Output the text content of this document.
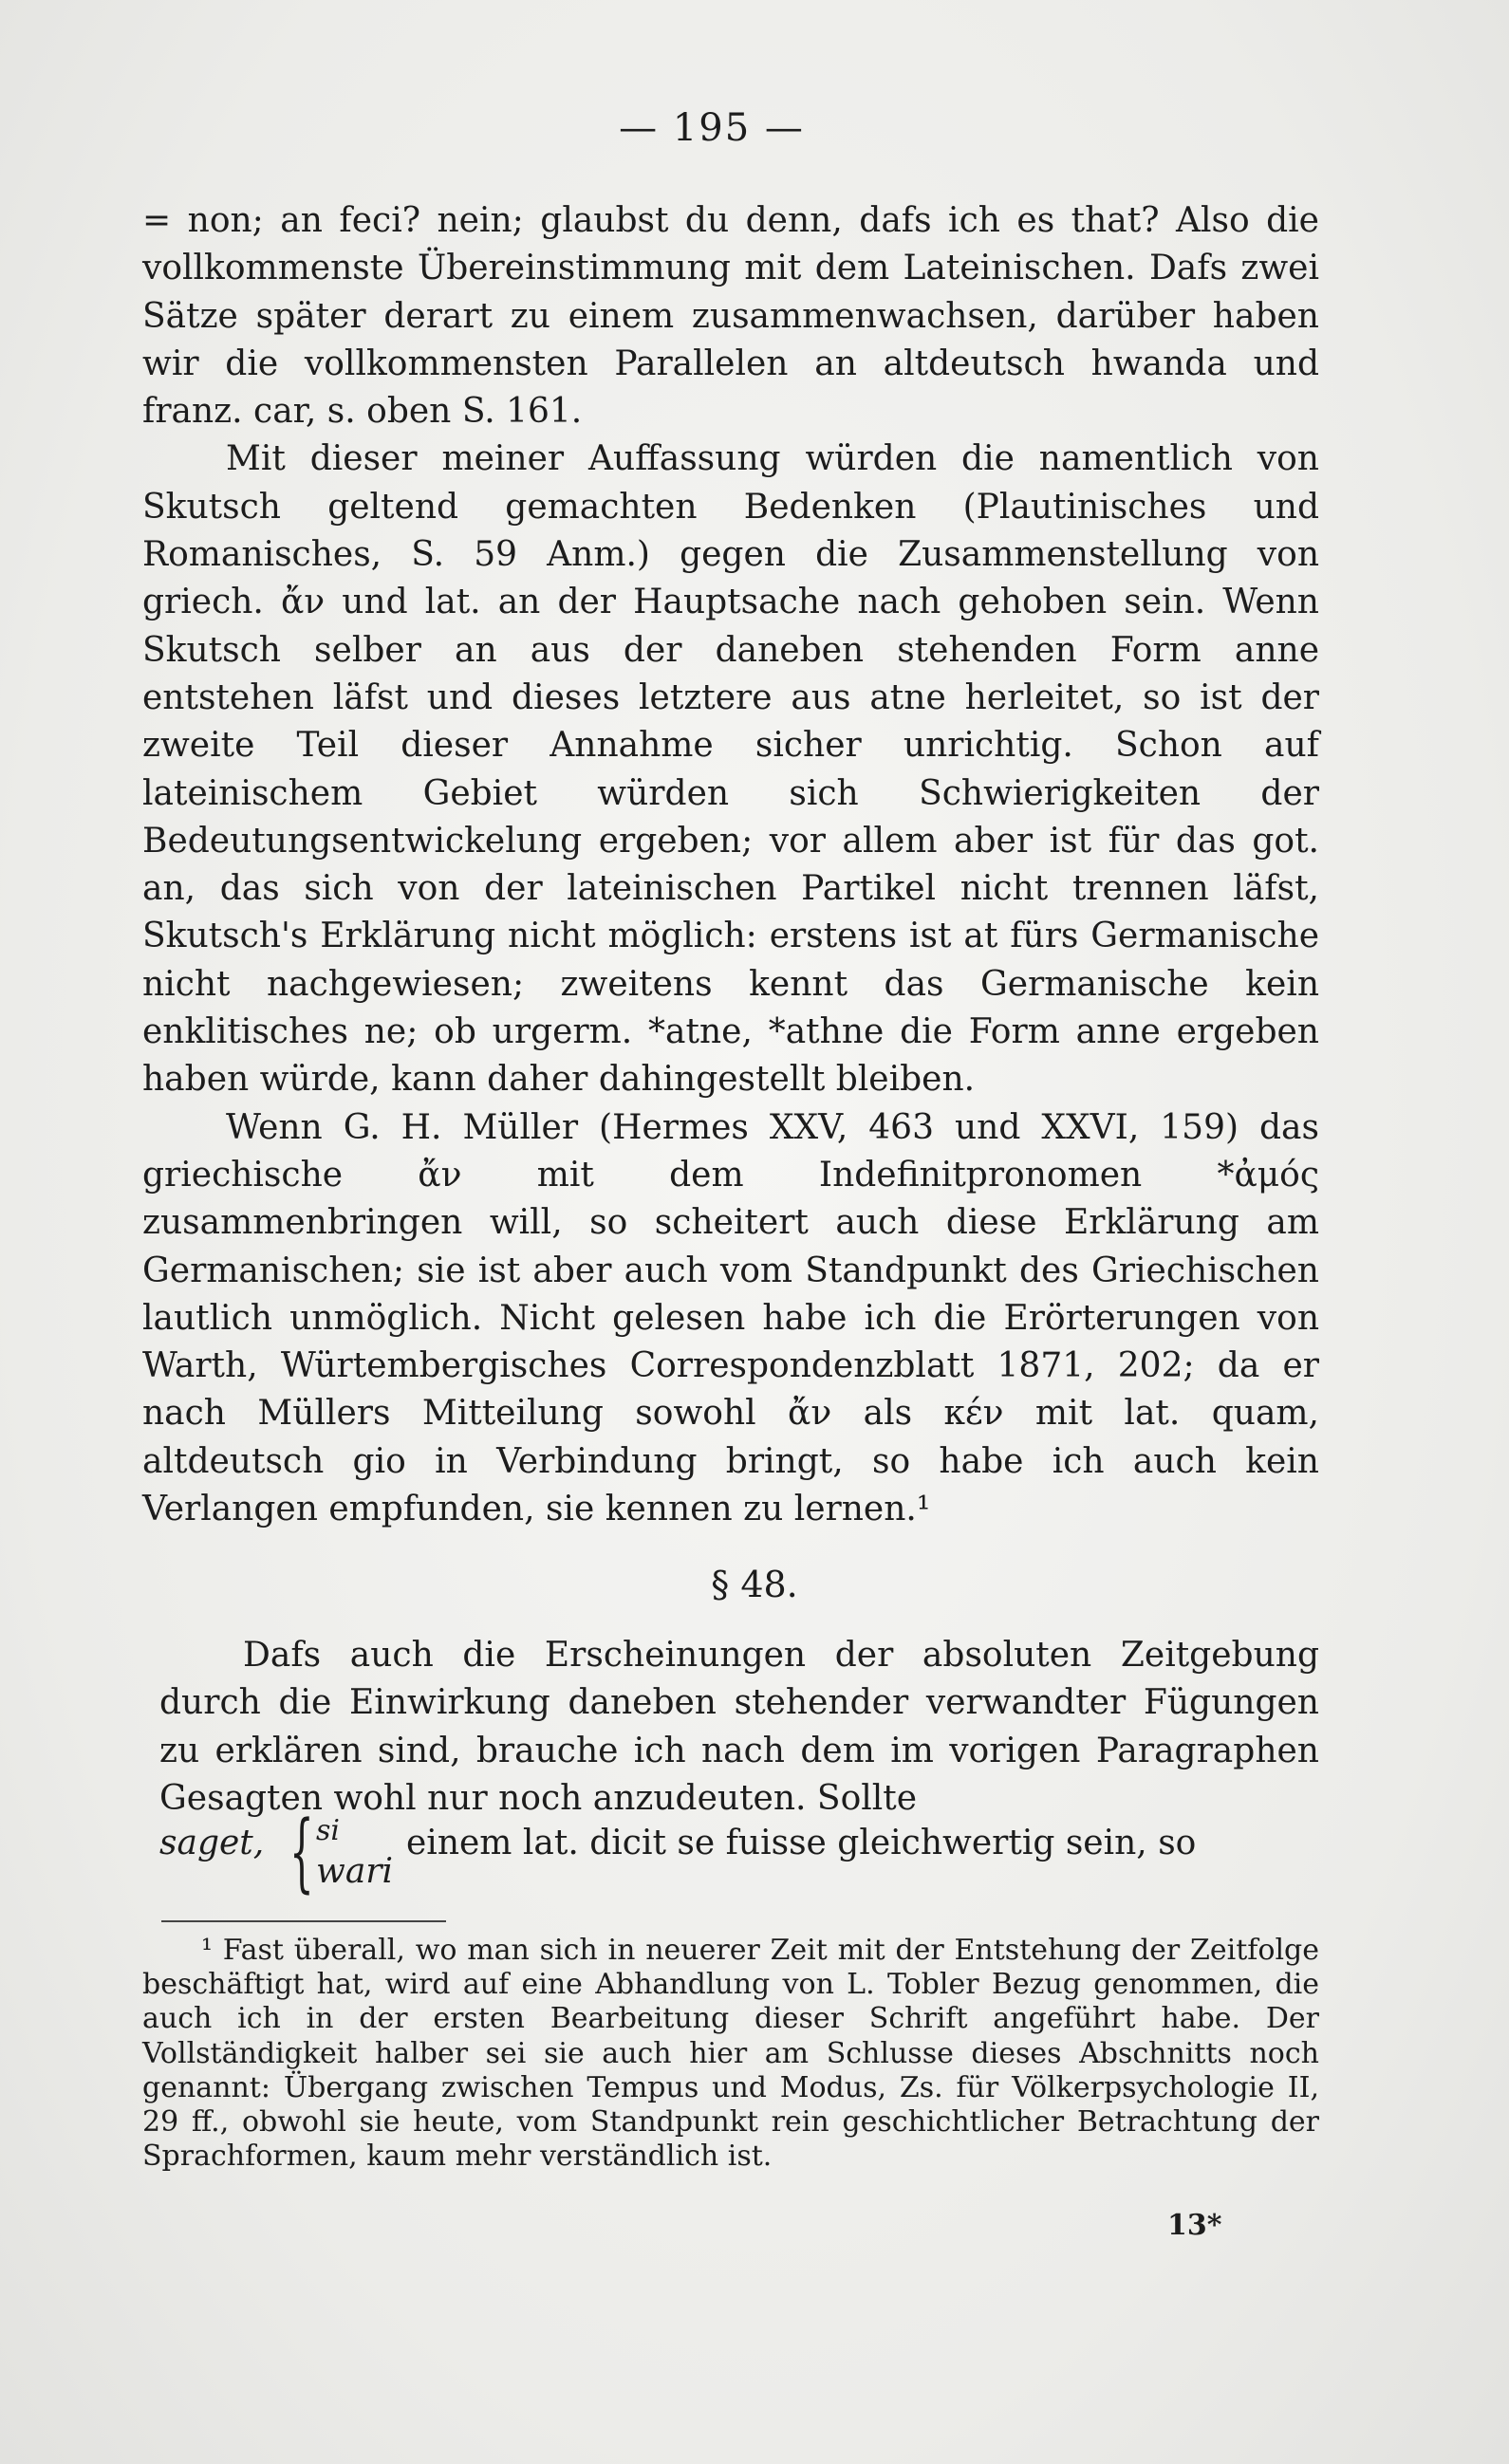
— 195 —

= non; an feci? nein; glaubst du denn, dafs ich es that? Also die vollkommenste Übereinstimmung mit dem Lateinischen. Dafs zwei Sätze später derart zu einem zusammenwachsen, darüber haben wir die vollkommensten Parallelen an altdeutsch hwanda und franz. car, s. oben S. 161.

Mit dieser meiner Auffassung würden die namentlich von Skutsch geltend gemachten Bedenken (Plautinisches und Romanisches, S. 59 Anm.) gegen die Zusammenstellung von griech. ἄν und lat. an der Hauptsache nach gehoben sein. Wenn Skutsch selber an aus der daneben stehenden Form anne entstehen läfst und dieses letztere aus atne herleitet, so ist der zweite Teil dieser Annahme sicher unrichtig. Schon auf lateinischem Gebiet würden sich Schwierigkeiten der Bedeutungsentwickelung ergeben; vor allem aber ist für das got. an, das sich von der lateinischen Partikel nicht trennen läfst, Skutsch's Erklärung nicht möglich: erstens ist at fürs Germanische nicht nachgewiesen; zweitens kennt das Germanische kein enklitisches ne; ob urgerm. *atne, *athne die Form anne ergeben haben würde, kann daher dahingestellt bleiben.

Wenn G. H. Müller (Hermes XXV, 463 und XXVI, 159) das griechische ἄν mit dem Indefinitpronomen *ἀμός zusammenbringen will, so scheitert auch diese Erklärung am Germanischen; sie ist aber auch vom Standpunkt des Griechischen lautlich unmöglich. Nicht gelesen habe ich die Erörterungen von Warth, Würtembergisches Correspondenzblatt 1871, 202; da er nach Müllers Mitteilung sowohl ἄν als κέν mit lat. quam, altdeutsch gio in Verbindung bringt, so habe ich auch kein Verlangen empfunden, sie kennen zu lernen.¹

§ 48.

Dafs auch die Erscheinungen der absoluten Zeitgebung durch die Einwirkung daneben stehender verwandter Fügungen zu erklären sind, brauche ich nach dem im vorigen Paragraphen Gesagten wohl nur noch anzudeuten. Sollte

saget, { si
wari
einem lat. dicit se fuisse gleichwertig sein, so

¹ Fast überall, wo man sich in neuerer Zeit mit der Entstehung der Zeitfolge beschäftigt hat, wird auf eine Abhandlung von L. Tobler Bezug genommen, die auch ich in der ersten Bearbeitung dieser Schrift angeführt habe. Der Vollständigkeit halber sei sie auch hier am Schlusse dieses Abschnitts noch genannt: Übergang zwischen Tempus und Modus, Zs. für Völkerpsychologie II, 29 ff., obwohl sie heute, vom Standpunkt rein geschichtlicher Betrachtung der Sprachformen, kaum mehr verständlich ist.

13*
